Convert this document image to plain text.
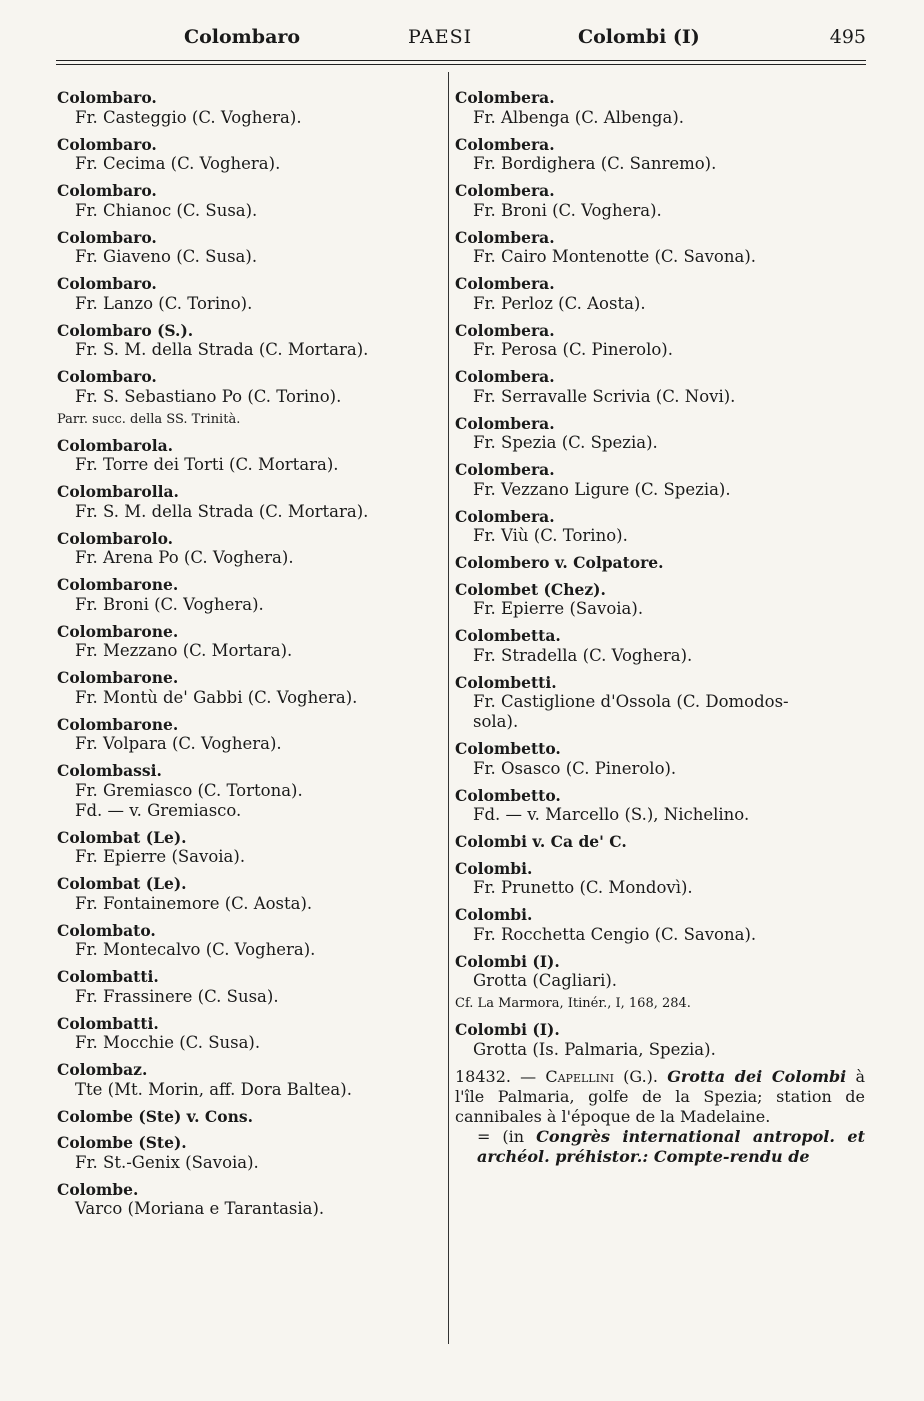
Colombaro	PAESI	Colombi (I)	495
Colombaro.
Fr. Casteggio (C. Voghera).
Colombaro.
Fr. Cecima (C. Voghera).
Colombaro.
Fr. Chianoc (C. Susa).
Colombaro.
Fr. Giaveno (C. Susa).
Colombaro.
Fr. Lanzo (C. Torino).
Colombaro (S.).
Fr. S. M. della Strada (C. Mortara).
Colombaro.
Fr. S. Sebastiano Po (C. Torino).
Parr. succ. della SS. Trinità.
Colombarola.
Fr. Torre dei Torti (C. Mortara).
Colombarolla.
Fr. S. M. della Strada (C. Mortara).
Colombarolo.
Fr. Arena Po (C. Voghera).
Colombarone.
Fr. Broni (C. Voghera).
Colombarone.
Fr. Mezzano (C. Mortara).
Colombarone.
Fr. Montù de' Gabbi (C. Voghera).
Colombarone.
Fr. Volpara (C. Voghera).
Colombassi.
Fr. Gremiasco (C. Tortona).
Fd. — v. Gremiasco.
Colombat (Le).
Fr. Epierre (Savoia).
Colombat (Le).
Fr. Fontainemore (C. Aosta).
Colombato.
Fr. Montecalvo (C. Voghera).
Colombatti.
Fr. Frassinere (C. Susa).
Colombatti.
Fr. Mocchie (C. Susa).
Colombaz.
Tte (Mt. Morin, aff. Dora Baltea).
Colombe (Ste) v. Cons.
Colombe (Ste).
Fr. St.-Genix (Savoia).
Colombe.
Varco (Moriana e Tarantasia).
Colombera.
Fr. Albenga (C. Albenga).
Colombera.
Fr. Bordighera (C. Sanremo).
Colombera.
Fr. Broni (C. Voghera).
Colombera.
Fr. Cairo Montenotte (C. Savona).
Colombera.
Fr. Perloz (C. Aosta).
Colombera.
Fr. Perosa (C. Pinerolo).
Colombera.
Fr. Serravalle Scrivia (C. Novi).
Colombera.
Fr. Spezia (C. Spezia).
Colombera.
Fr. Vezzano Ligure (C. Spezia).
Colombera.
Fr. Viù (C. Torino).
Colombero v. Colpatore.
Colombet (Chez).
Fr. Epierre (Savoia).
Colombetta.
Fr. Stradella (C. Voghera).
Colombetti.
Fr. Castiglione d'Ossola (C. Domodos-
sola).
Colombetto.
Fr. Osasco (C. Pinerolo).
Colombetto.
Fd. — v. Marcello (S.), Nichelino.
Colombi v. Ca de' C.
Colombi.
Fr. Prunetto (C. Mondovì).
Colombi.
Fr. Rocchetta Cengio (C. Savona).
Colombi (I).
Grotta (Cagliari).
Cf. La Marmora, Itinér., I, 168, 284.
Colombi (I).
Grotta (Is. Palmaria, Spezia).
18432. — Capellini (G.). Grotta dei Colombi à l'île Palmaria, golfe de la Spezia; station de cannibales à l'époque de la Madelaine.
= (in Congrès international antropol. et archéol. préhistor.: Compte-rendu de
